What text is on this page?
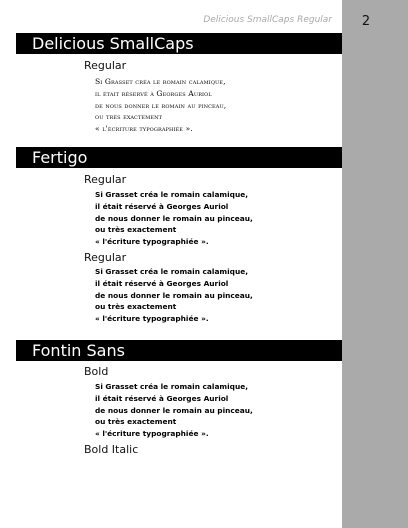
2
Delicious SmallCaps Regular
Delicious SmallCaps
Regular
Si Grasset créa le romain calamique,
il était réservé à Georges Auriol
de nous donner le romain au pinceau,
ou très exactement
« l'écriture typographiée ».
Fertigo
Regular
Si Grasset créa le romain calamique,
il était réservé à Georges Auriol
de nous donner le romain au pinceau,
ou très exactement
« l'écriture typographiée ».
Regular
Si Grasset créa le romain calamique,
il était réservé à Georges Auriol
de nous donner le romain au pinceau,
ou très exactement
« l'écriture typographiée ».
Fontin Sans
Bold
Si Grasset créa le romain calamique,
il était réservé à Georges Auriol
de nous donner le romain au pinceau,
ou très exactement
« l'écriture typographiée ».
Bold Italic
